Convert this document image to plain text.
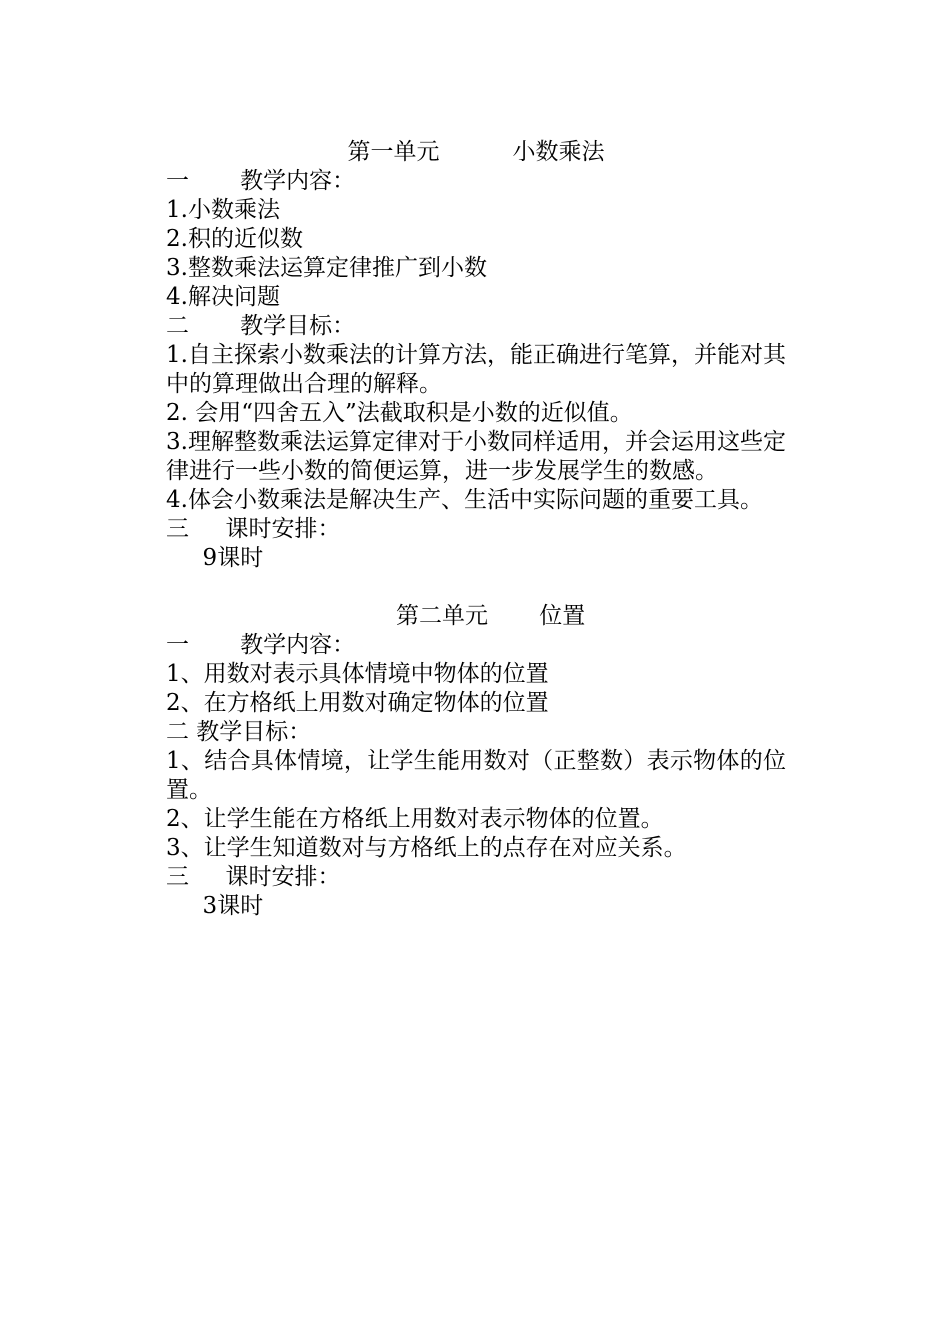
第一单元          小数乘法
一       教学内容：
1.小数乘法
2.积的近似数
3.整数乘法运算定律推广到小数
4.解决问题
二       教学目标：
1.自主探索小数乘法的计算方法，能正确进行笔算，并能对其中的算理做出合理的解释。
2. 会用“四舍五入”法截取积是小数的近似值。
3.理解整数乘法运算定律对于小数同样适用，并会运用这些定律进行一些小数的简便运算，进一步发展学生的数感。
4.体会小数乘法是解决生产、生活中实际问题的重要工具。
三     课时安排：
9课时
第二单元       位置
一       教学内容：
1、用数对表示具体情境中物体的位置
2、在方格纸上用数对确定物体的位置
二 教学目标：
1、结合具体情境，让学生能用数对（正整数）表示物体的位置。
2、让学生能在方格纸上用数对表示物体的位置。
3、让学生知道数对与方格纸上的点存在对应关系。
三     课时安排：
3课时
